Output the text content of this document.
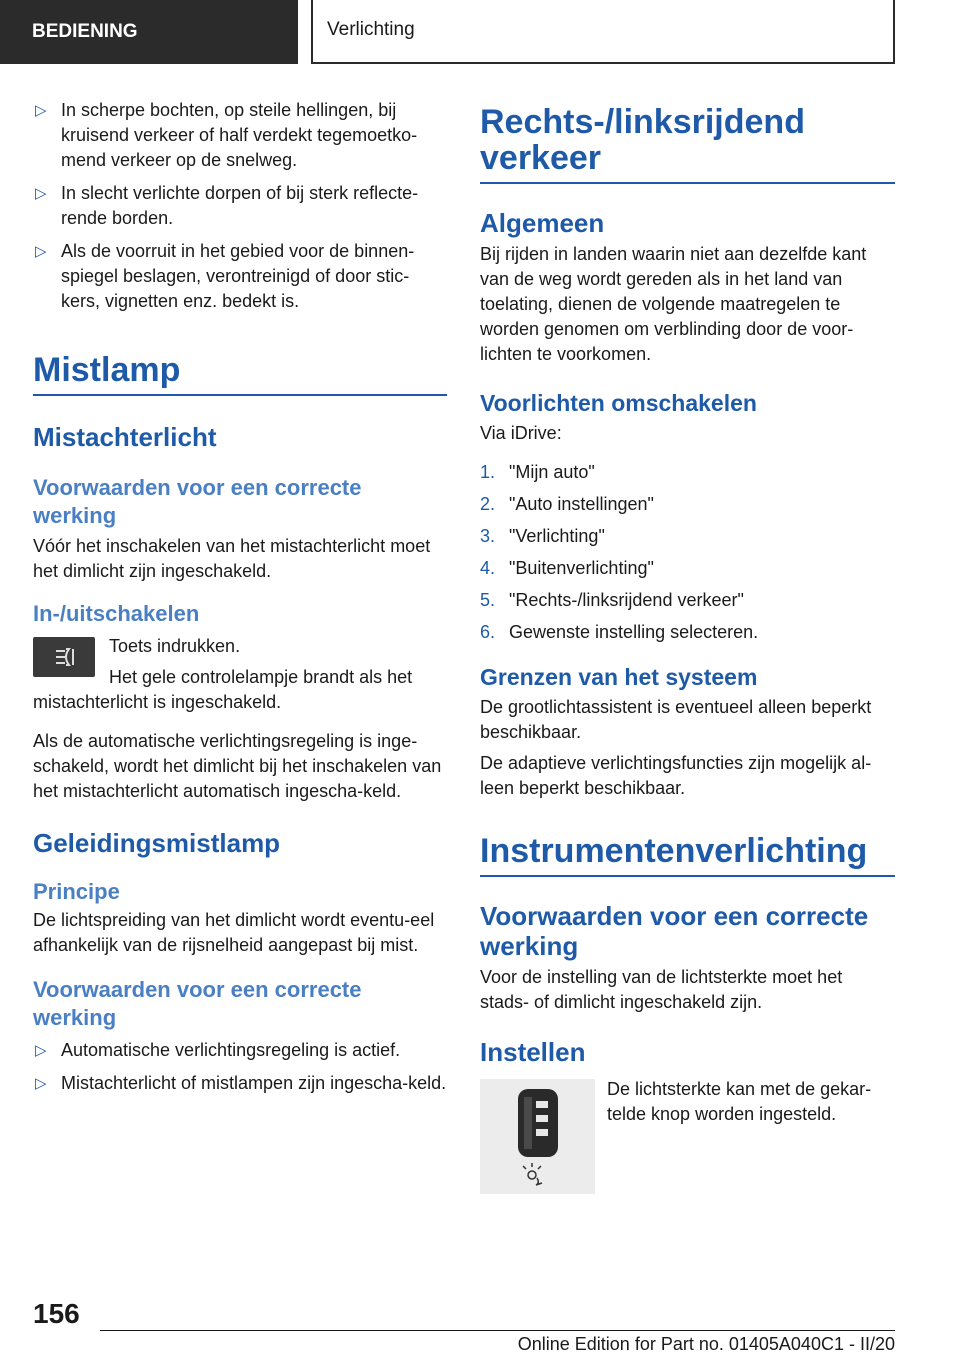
BEDIENING	Verlichting
▷ In scherpe bochten, op steile hellingen, bij kruisend verkeer of half verdekt tegemoetko-mend verkeer op de snelweg.
▷ In slecht verlichte dorpen of bij sterk reflecte-rende borden.
▷ Als de voorruit in het gebied voor de binnen-spiegel beslagen, verontreinigd of door stic-kers, vignetten enz. bedekt is.
Mistlamp
Mistachterlicht
Voorwaarden voor een correcte werking

Vóór het inschakelen van het mistachterlicht moet het dimlicht zijn ingeschakeld.

In-/uitschakelen

Toets indrukken.

Het gele controlelampje brandt als het mistachterlicht is ingeschakeld.

Als de automatische verlichtingsregeling is inge-schakeld, wordt het dimlicht bij het inschakelen van het mistachterlicht automatisch ingescha-keld.

Geleidingsmistlamp
Principe

De lichtspreiding van het dimlicht wordt eventu-eel afhankelijk van de rijsnelheid aangepast bij mist.

Voorwaarden voor een correcte werking
▷ Automatische verlichtingsregeling is actief.
▷ Mistachterlicht of mistlampen zijn ingescha-keld.
Rechts-/linksrijdend verkeer
Algemeen

Bij rijden in landen waarin niet aan dezelfde kant van de weg wordt gereden als in het land van toelating, dienen de volgende maatregelen te worden genomen om verblinding door de voor-lichten te voorkomen.

Voorlichten omschakelen

Via iDrive:

1. "Mijn auto"
2. "Auto instellingen"
3. "Verlichting"
4. "Buitenverlichting"
5. "Rechts-/linksrijdend verkeer"
6. Gewenste instelling selecteren.
Grenzen van het systeem

De grootlichtassistent is eventueel alleen beperkt beschikbaar.

De adaptieve verlichtingsfuncties zijn mogelijk al-leen beperkt beschikbaar.

Instrumentenverlichting
Voorwaarden voor een correcte werking

Voor de instelling van de lichtsterkte moet het stads- of dimlicht ingeschakeld zijn.

Instellen

De lichtsterkte kan met de gekar-telde knop worden ingesteld.

156
Online Edition for Part no. 01405A040C1 - II/20
